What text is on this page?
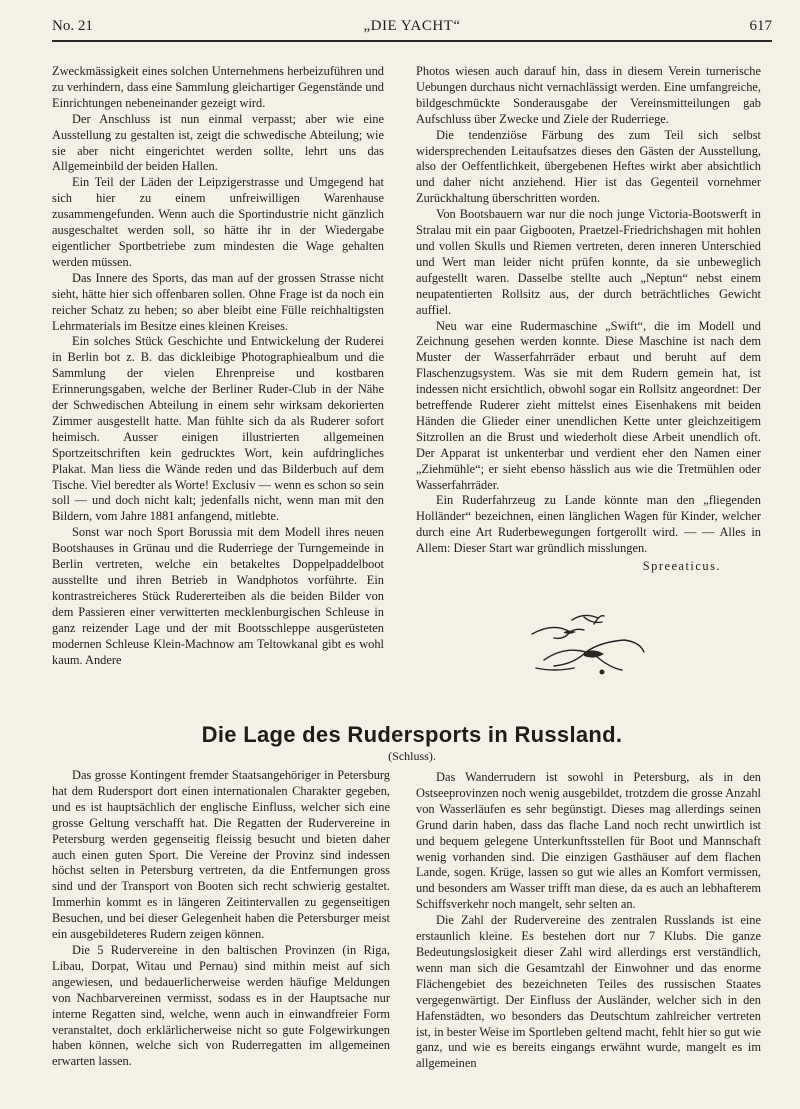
No. 21	„DIE YACHT“	617

Zweckmässigkeit eines solchen Unternehmens herbeizuführen und zu verhindern, dass eine Sammlung gleichartiger Gegenstände und Einrichtungen nebeneinander gezeigt wird.

Der Anschluss ist nun einmal verpasst; aber wie eine Ausstellung zu gestalten ist, zeigt die schwedische Abteilung; wie sie aber nicht eingerichtet werden sollte, lehrt uns das Allgemeinbild der beiden Hallen.

Ein Teil der Läden der Leipzigerstrasse und Umgegend hat sich hier zu einem unfreiwilligen Warenhause zusammengefunden. Wenn auch die Sportindustrie nicht gänzlich ausgeschaltet werden soll, so hätte ihr in der Wiedergabe eigentlicher Sportbetriebe zum mindesten die Wage gehalten werden müssen.

Das Innere des Sports, das man auf der grossen Strasse nicht sieht, hätte hier sich offenbaren sollen. Ohne Frage ist da noch ein reicher Schatz zu heben; so aber bleibt eine Fülle reichhaltigsten Lehrmaterials im Besitze eines kleinen Kreises.

Ein solches Stück Geschichte und Entwickelung der Ruderei in Berlin bot z. B. das dickleibige Photographiealbum und die Sammlung der vielen Ehrenpreise und kostbaren Erinnerungsgaben, welche der Berliner Ruder-Club in der Nähe der Schwedischen Abteilung in einem sehr wirksam dekorierten Zimmer ausgestellt hatte. Man fühlte sich da als Ruderer sofort heimisch. Ausser einigen illustrierten allgemeinen Sportzeitschriften kein gedrucktes Wort, kein aufdringliches Plakat. Man liess die Wände reden und das Bilderbuch auf dem Tische. Viel beredter als Worte! Exclusiv — wenn es schon so sein soll — und doch nicht kalt; jedenfalls nicht, wenn man mit den Bildern, vom Jahre 1881 anfangend, mitlebte.

Sonst war noch Sport Borussia mit dem Modell ihres neuen Bootshauses in Grünau und die Ruderriege der Turngemeinde in Berlin vertreten, welche ein betakeltes Doppelpaddelboot ausstellte und ihren Betrieb in Wandphotos vorführte. Ein kontrastreicheres Stück Rudererteiben als die beiden Bilder von dem Passieren einer verwitterten mecklenburgischen Schleuse in ganz reizender Lage und der mit Bootsschleppe ausgerüsteten modernen Schleuse Klein-Machnow am Teltowkanal gibt es wohl kaum. Andere

Photos wiesen auch darauf hin, dass in diesem Verein turnerische Uebungen durchaus nicht vernachlässigt werden. Eine umfangreiche, bildgeschmückte Sonderausgabe der Vereinsmitteilungen gab Aufschluss über Zwecke und Ziele der Ruderriege.

Die tendenziöse Färbung des zum Teil sich selbst widersprechenden Leitaufsatzes dieses den Gästen der Ausstellung, also der Oeffentlichkeit, übergebenen Heftes wirkt aber absichtlich und daher nicht anziehend. Hier ist das Gegenteil vornehmer Zurückhaltung überschritten worden.

Von Bootsbauern war nur die noch junge Victoria-Bootswerft in Stralau mit ein paar Gigbooten, Praetzel-Friedrichshagen mit hohlen und vollen Skulls und Riemen vertreten, deren inneren Unterschied und Wert man leider nicht prüfen konnte, da sie unbeweglich aufgestellt waren. Dasselbe stellte auch „Neptun“ nebst einem neupatentierten Rollsitz aus, der durch beträchtliches Gewicht auffiel.

Neu war eine Rudermaschine „Swift“, die im Modell und Zeichnung gesehen werden konnte. Diese Maschine ist nach dem Muster der Wasserfahrräder erbaut und beruht auf dem Flaschenzugsystem. Was sie mit dem Rudern gemein hat, ist indessen nicht ersichtlich, obwohl sogar ein Rollsitz angeordnet: Der betreffende Ruderer zieht mittelst eines Eisenhakens mit beiden Händen die Glieder einer unendlichen Kette unter gleichzeitigem Sitzrollen an die Brust und wiederholt diese Arbeit unendlich oft. Der Apparat ist unkenterbar und verdient eher den Namen einer „Ziehmühle“; er sieht ebenso hässlich aus wie die Tretmühlen oder Wasserfahrräder.

Ein Ruderfahrzeug zu Lande könnte man den „fliegenden Holländer“ bezeichnen, einen länglichen Wagen für Kinder, welcher durch eine Art Ruderbewegungen fortgerollt wird. — — Alles in Allem: Dieser Start war gründlich misslungen.

Spreeaticus.

Die Lage des Rudersports in Russland.
(Schluss).

Das grosse Kontingent fremder Staatsangehöriger in Petersburg hat dem Rudersport dort einen internationalen Charakter gegeben, und es ist hauptsächlich der englische Einfluss, welcher sich eine grosse Geltung verschafft hat. Die Regatten der Rudervereine in Petersburg werden gegenseitig fleissig besucht und bieten daher auch einen guten Sport. Die Vereine der Provinz sind indessen höchst selten in Petersburg vertreten, da die Entfernungen gross sind und der Transport von Booten sich recht schwierig gestaltet. Immerhin kommt es in längeren Zeitintervallen zu gegenseitigen Besuchen, und bei dieser Gelegenheit haben die Petersburger meist ein ausgebildeteres Rudern zeigen können.

Die 5 Rudervereine in den baltischen Provinzen (in Riga, Libau, Dorpat, Witau und Pernau) sind mithin meist auf sich angewiesen, und bedauerlicherweise werden häufige Meldungen von Nachbarvereinen vermisst, sodass es in der Hauptsache nur interne Regatten sind, welche, wenn auch in einwandfreier Form veranstaltet, doch erklärlicherweise nicht so gute Folgewirkungen haben können, welche sich von Ruderregatten im allgemeinen erwarten lassen.

Das Wanderrudern ist sowohl in Petersburg, als in den Ostseeprovinzen noch wenig ausgebildet, trotzdem die grosse Anzahl von Wasserläufen es sehr begünstigt. Dieses mag allerdings seinen Grund darin haben, dass das flache Land noch recht unwirtlich ist und bequem gelegene Unterkunftsstellen für Boot und Mannschaft wenig vorhanden sind. Die einzigen Gasthäuser auf dem flachen Lande, sogen. Krüge, lassen so gut wie alles an Komfort vermissen, und besonders am Wasser trifft man diese, da es auch an lebhafterem Schiffsverkehr noch mangelt, sehr selten an.

Die Zahl der Rudervereine des zentralen Russlands ist eine erstaunlich kleine. Es bestehen dort nur 7 Klubs. Die ganze Bedeutungslosigkeit dieser Zahl wird allerdings erst verständlich, wenn man sich die Gesamtzahl der Einwohner und das enorme Flächengebiet des bezeichneten Teiles des russischen Staates vergegenwärtigt. Der Einfluss der Ausländer, welcher sich in den Hafenstädten, wo besonders das Deutschtum zahlreicher vertreten ist, in bester Weise im Sportleben geltend macht, fehlt hier so gut wie ganz, und wie es bereits eingangs erwähnt wurde, mangelt es im allgemeinen
